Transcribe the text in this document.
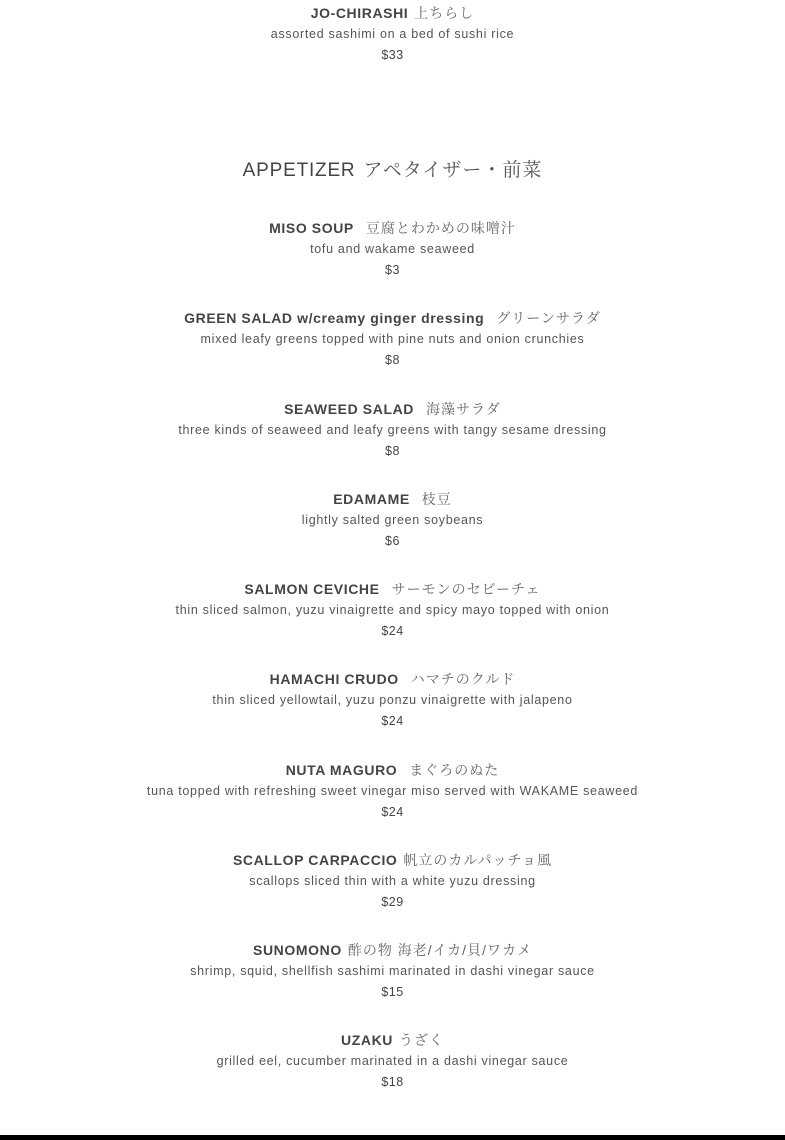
JO-CHIRASHI 上ちらし
assorted sashimi on a bed of sushi rice
$33
APPETIZER アペタイザー・前菜
MISO SOUP 豆腐とわかめの味噌汁
tofu and wakame seaweed
$3
GREEN SALAD w/creamy ginger dressing グリーンサラダ
mixed leafy greens topped with pine nuts and onion crunchies
$8
SEAWEED SALAD 海藻サラダ
three kinds of seaweed and leafy greens with tangy sesame dressing
$8
EDAMAME 枝豆
lightly salted green soybeans
$6
SALMON CEVICHE サーモンのセビーチェ
thin sliced salmon, yuzu vinaigrette and spicy mayo topped with onion
$24
HAMACHI CRUDO ハマチのクルド
thin sliced yellowtail, yuzu ponzu vinaigrette with jalapeno
$24
NUTA MAGURO まぐろのぬた
tuna topped with refreshing sweet vinegar miso served with WAKAME seaweed
$24
SCALLOP CARPACCIO 帆立のカルパッチョ風
scallops sliced thin with a white yuzu dressing
$29
SUNOMONO 酢の物 海老/イカ/貝/ワカメ
shrimp, squid, shellfish sashimi marinated in dashi vinegar sauce
$15
UZAKU うざく
grilled eel, cucumber marinated in a dashi vinegar sauce
$18
